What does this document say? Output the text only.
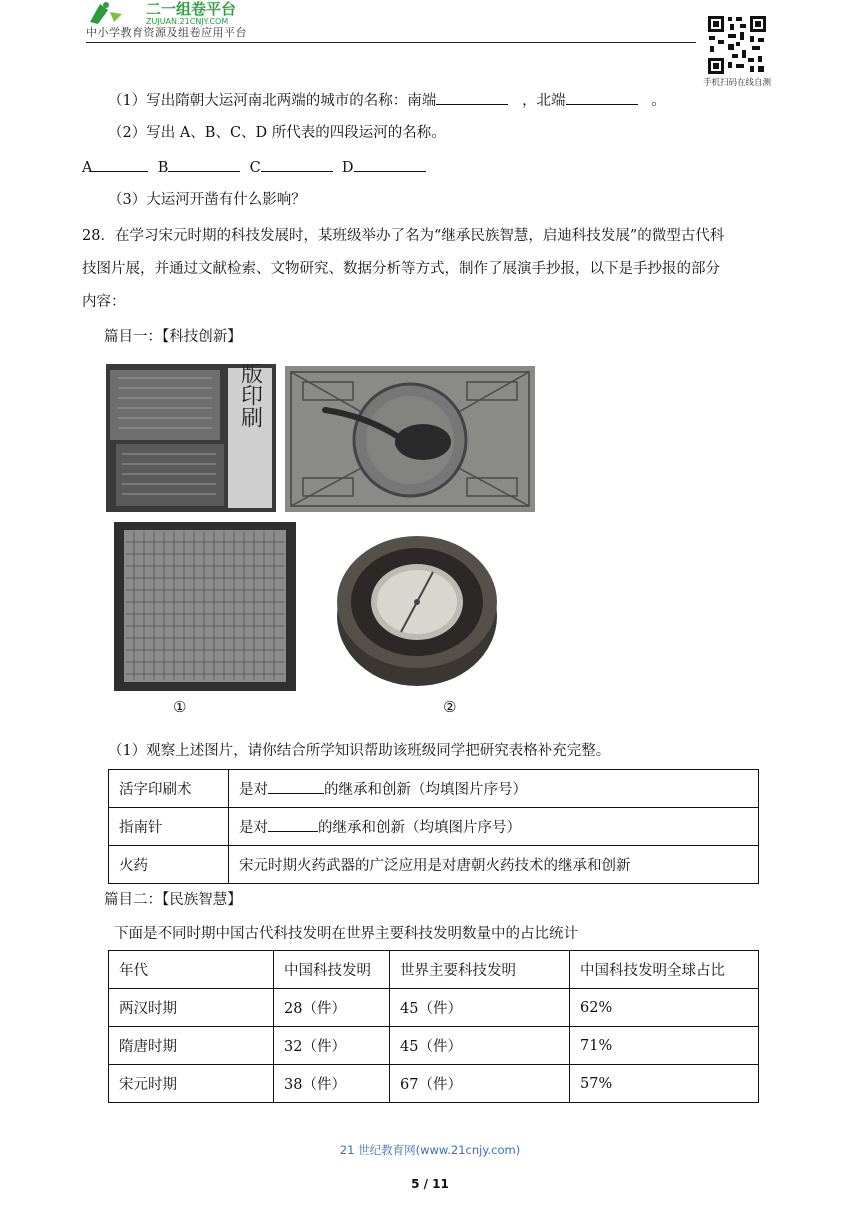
二一组卷平台
ZUJUAN.21CNJY.COM
中小学教育资源及组卷应用平台
手机扫码在线自测
（1）写出隋朝大运河南北两端的城市的名称：南端	，北端	。
（2）写出 A、B、C、D 所代表的四段运河的名称。
A	B	C	D
（3）大运河开凿有什么影响？
28．在学习宋元时期的科技发展时，某班级举办了名为“继承民族智慧，启迪科技发展”的微型古代科
技图片展，并通过文献检索、文物研究、数据分析等方式，制作了展演手抄报，以下是手抄报的部分
内容：
篇目一：【科技创新】
雕版印刷
①	②
（1）观察上述图片，请你结合所学知识帮助该班级同学把研究表格补充完整。
活字印刷术	是对 的继承和创新（均填图片序号）
指南针	是对 的继承和创新（均填图片序号）
火药	宋元时期火药武器的广泛应用是对唐朝火药技术的继承和创新
篇目二：【民族智慧】
下面是不同时期中国古代科技发明在世界主要科技发明数量中的占比统计
年代	中国科技发明	世界主要科技发明	中国科技发明全球占比
两汉时期	28（件）	45（件）	62%
隋唐时期	32（件）	45（件）	71%
宋元时期	38（件）	67（件）	57%
21 世纪教育网(www.21cnjy.com)
5 / 11
